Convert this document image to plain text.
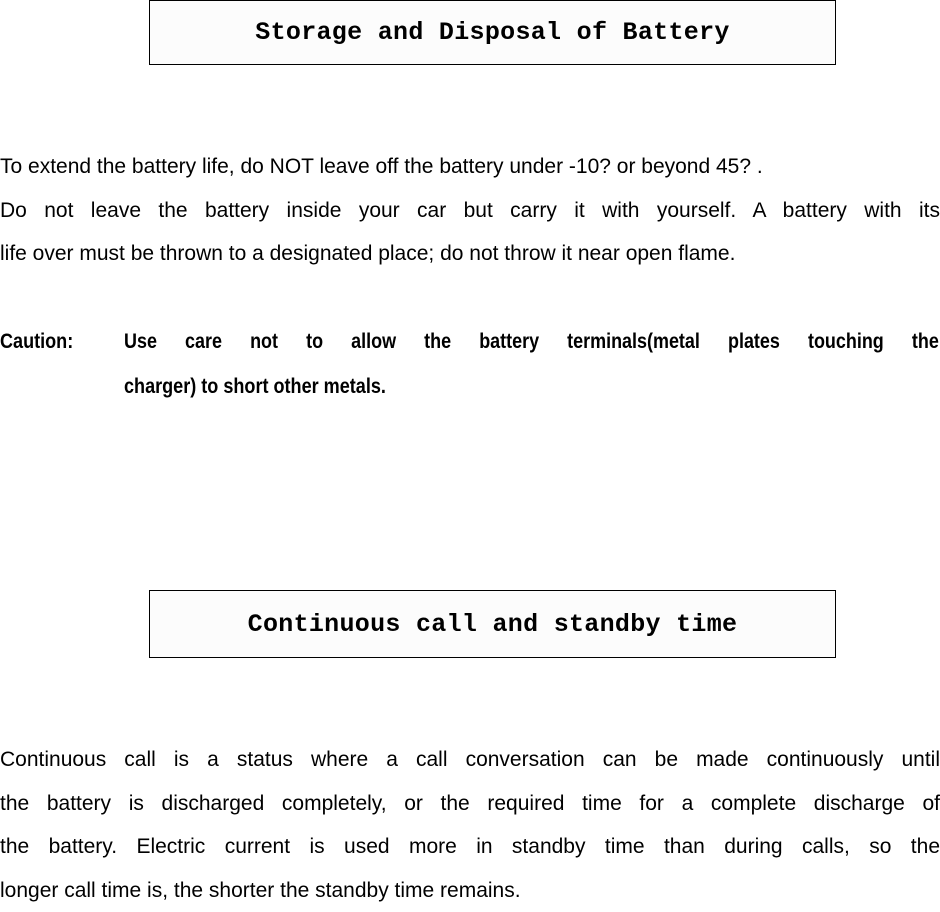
Storage and Disposal of Battery
To extend the battery life, do NOT leave off the battery under -10? or beyond 45? .
Do not leave the battery inside your car but carry it with yourself. A battery with its
life over must be thrown to a designated place; do not throw it near open flame.
Caution: Use care not to allow the battery terminals(metal plates touching the
charger) to short other metals.
Continuous call and standby time
Continuous call is a status where a call conversation can be made continuously until
the battery is discharged completely, or the required time for a complete discharge of
the battery. Electric current is used more in standby time than during calls, so the
longer call time is, the shorter the standby time remains.
